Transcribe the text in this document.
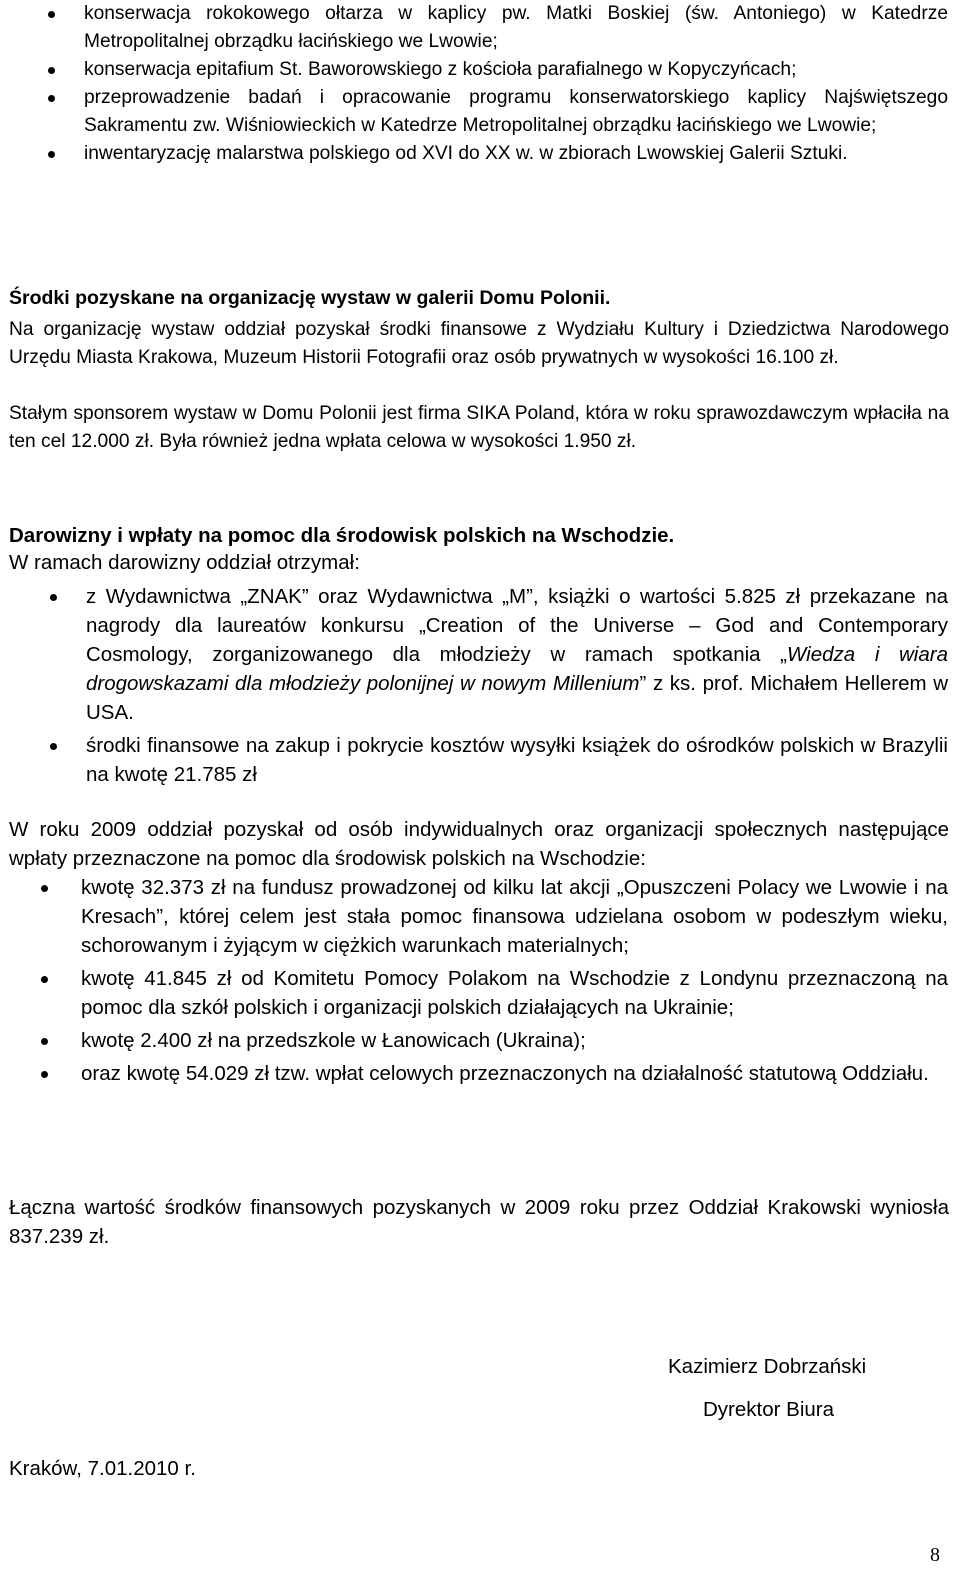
konserwacja rokokowego ołtarza w kaplicy pw. Matki Boskiej (św. Antoniego) w Katedrze Metropolitalnej obrządku łacińskiego we Lwowie;
konserwacja epitafium St. Baworowskiego z kościoła parafialnego w Kopyczyńcach;
przeprowadzenie badań i opracowanie programu konserwatorskiego kaplicy Najświętszego Sakramentu zw. Wiśniowieckich w Katedrze Metropolitalnej obrządku łacińskiego we Lwowie;
inwentaryzację malarstwa polskiego od XVI do XX w. w zbiorach Lwowskiej Galerii Sztuki.
Środki pozyskane na organizację wystaw w galerii Domu Polonii.

Na organizację wystaw oddział pozyskał środki finansowe z Wydziału Kultury i Dziedzictwa Narodowego Urzędu Miasta Krakowa, Muzeum Historii Fotografii oraz osób prywatnych w wysokości 16.100 zł.

Stałym sponsorem wystaw w Domu Polonii jest firma SIKA Poland, która w roku sprawozdawczym wpłaciła na ten cel 12.000 zł. Była również jedna wpłata celowa w wysokości 1.950 zł.

Darowizny i wpłaty na pomoc dla środowisk polskich na Wschodzie.

W ramach darowizny oddział otrzymał:

z Wydawnictwa „ZNAK” oraz Wydawnictwa „M”, książki o wartości 5.825 zł przekazane na nagrody dla laureatów konkursu „Creation of the Universe – God and Contemporary Cosmology, zorganizowanego dla młodzieży w ramach spotkania „Wiedza i wiara drogowskazami dla młodzieży polonijnej w nowym Millenium” z ks. prof. Michałem Hellerem w USA.
środki finansowe na zakup i pokrycie kosztów wysyłki książek do ośrodków polskich w Brazylii na kwotę 21.785 zł

W roku 2009 oddział pozyskał od osób indywidualnych oraz organizacji społecznych następujące wpłaty przeznaczone na pomoc dla środowisk polskich na Wschodzie:

kwotę 32.373 zł na fundusz prowadzonej od kilku lat akcji „Opuszczeni Polacy we Lwowie i na Kresach”, której celem jest stała pomoc finansowa udzielana osobom w podeszłym wieku, schorowanym i żyjącym w ciężkich warunkach materialnych;
kwotę 41.845 zł od Komitetu Pomocy Polakom na Wschodzie z Londynu przeznaczoną na pomoc dla szkół polskich i organizacji polskich działających na Ukrainie;
kwotę 2.400 zł na przedszkole w Łanowicach (Ukraina);
oraz kwotę 54.029 zł tzw. wpłat celowych przeznaczonych na działalność statutową Oddziału.

Łączna wartość środków finansowych pozyskanych w 2009 roku przez Oddział Krakowski wyniosła 837.239 zł.

Kazimierz Dobrzański
Dyrektor Biura
Kraków, 7.01.2010 r.
8
